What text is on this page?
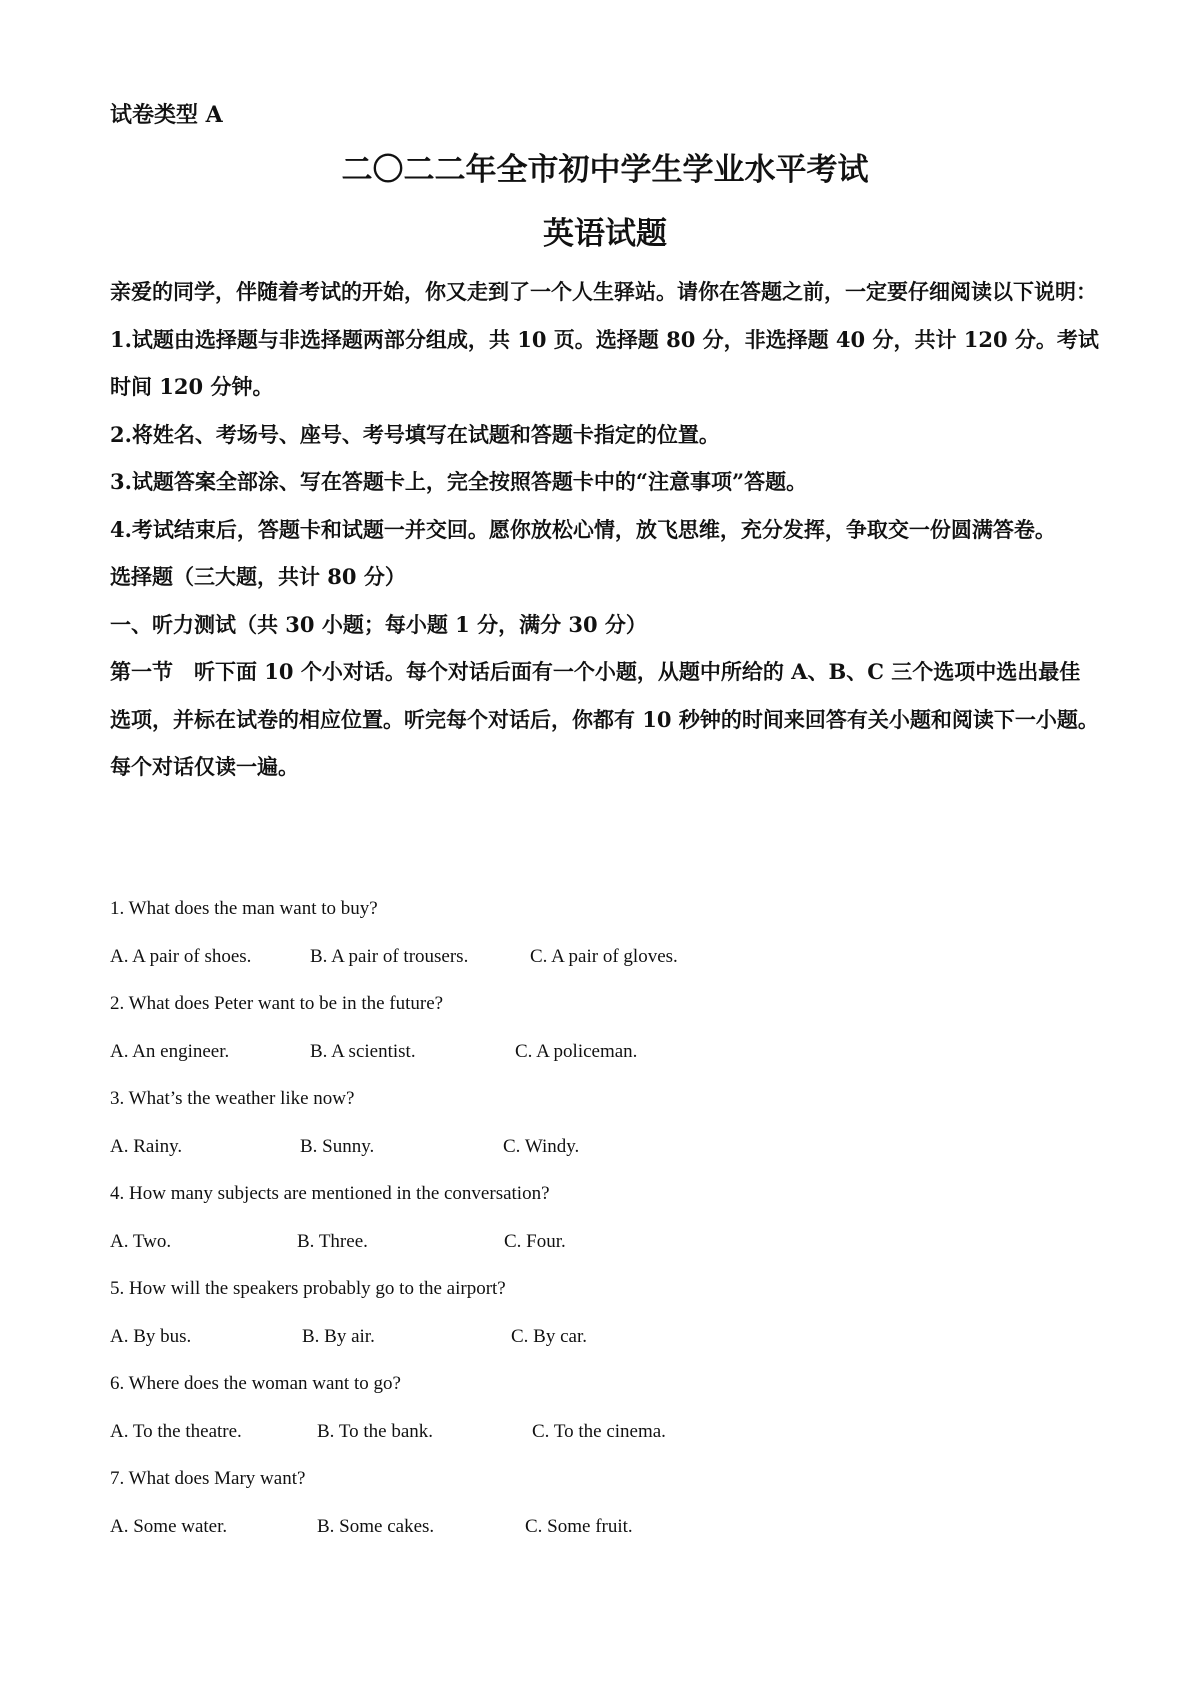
试卷类型 A
二〇二二年全市初中学生学业水平考试
英语试题

亲爱的同学，伴随着考试的开始，你又走到了一个人生驿站。请你在答题之前，一定要仔细阅读以下说明：

1.试题由选择题与非选择题两部分组成，共 10 页。选择题 80 分，非选择题 40 分，共计 120 分。考试时间 120 分钟。

2.将姓名、考场号、座号、考号填写在试题和答题卡指定的位置。

3.试题答案全部涂、写在答题卡上，完全按照答题卡中的“注意事项”答题。

4.考试结束后，答题卡和试题一并交回。愿你放松心情，放飞思维，充分发挥，争取交一份圆满答卷。

选择题（三大题，共计 80 分）

一、听力测试（共 30 小题；每小题 1 分，满分 30 分）

第一节　听下面 10 个小对话。每个对话后面有一个小题，从题中所给的 A、B、C 三个选项中选出最佳选项，并标在试卷的相应位置。听完每个对话后，你都有 10 秒钟的时间来回答有关小题和阅读下一小题。每个对话仅读一遍。

1. What does the man want to buy?

A. A pair of shoes.	B. A pair of trousers.	C. A pair of gloves.

2. What does Peter want to be in the future?

A. An engineer.	B. A scientist.	C. A policeman.

3. What’s the weather like now?

A. Rainy.	B. Sunny.	C. Windy.

4. How many subjects are mentioned in the conversation?

A. Two.	B. Three.	C. Four.

5. How will the speakers probably go to the airport?

A. By bus.	B. By air.	C. By car.

6. Where does the woman want to go?

A. To the theatre.	B. To the bank.	C. To the cinema.

7. What does Mary want?

A. Some water.	B. Some cakes.	C. Some fruit.
